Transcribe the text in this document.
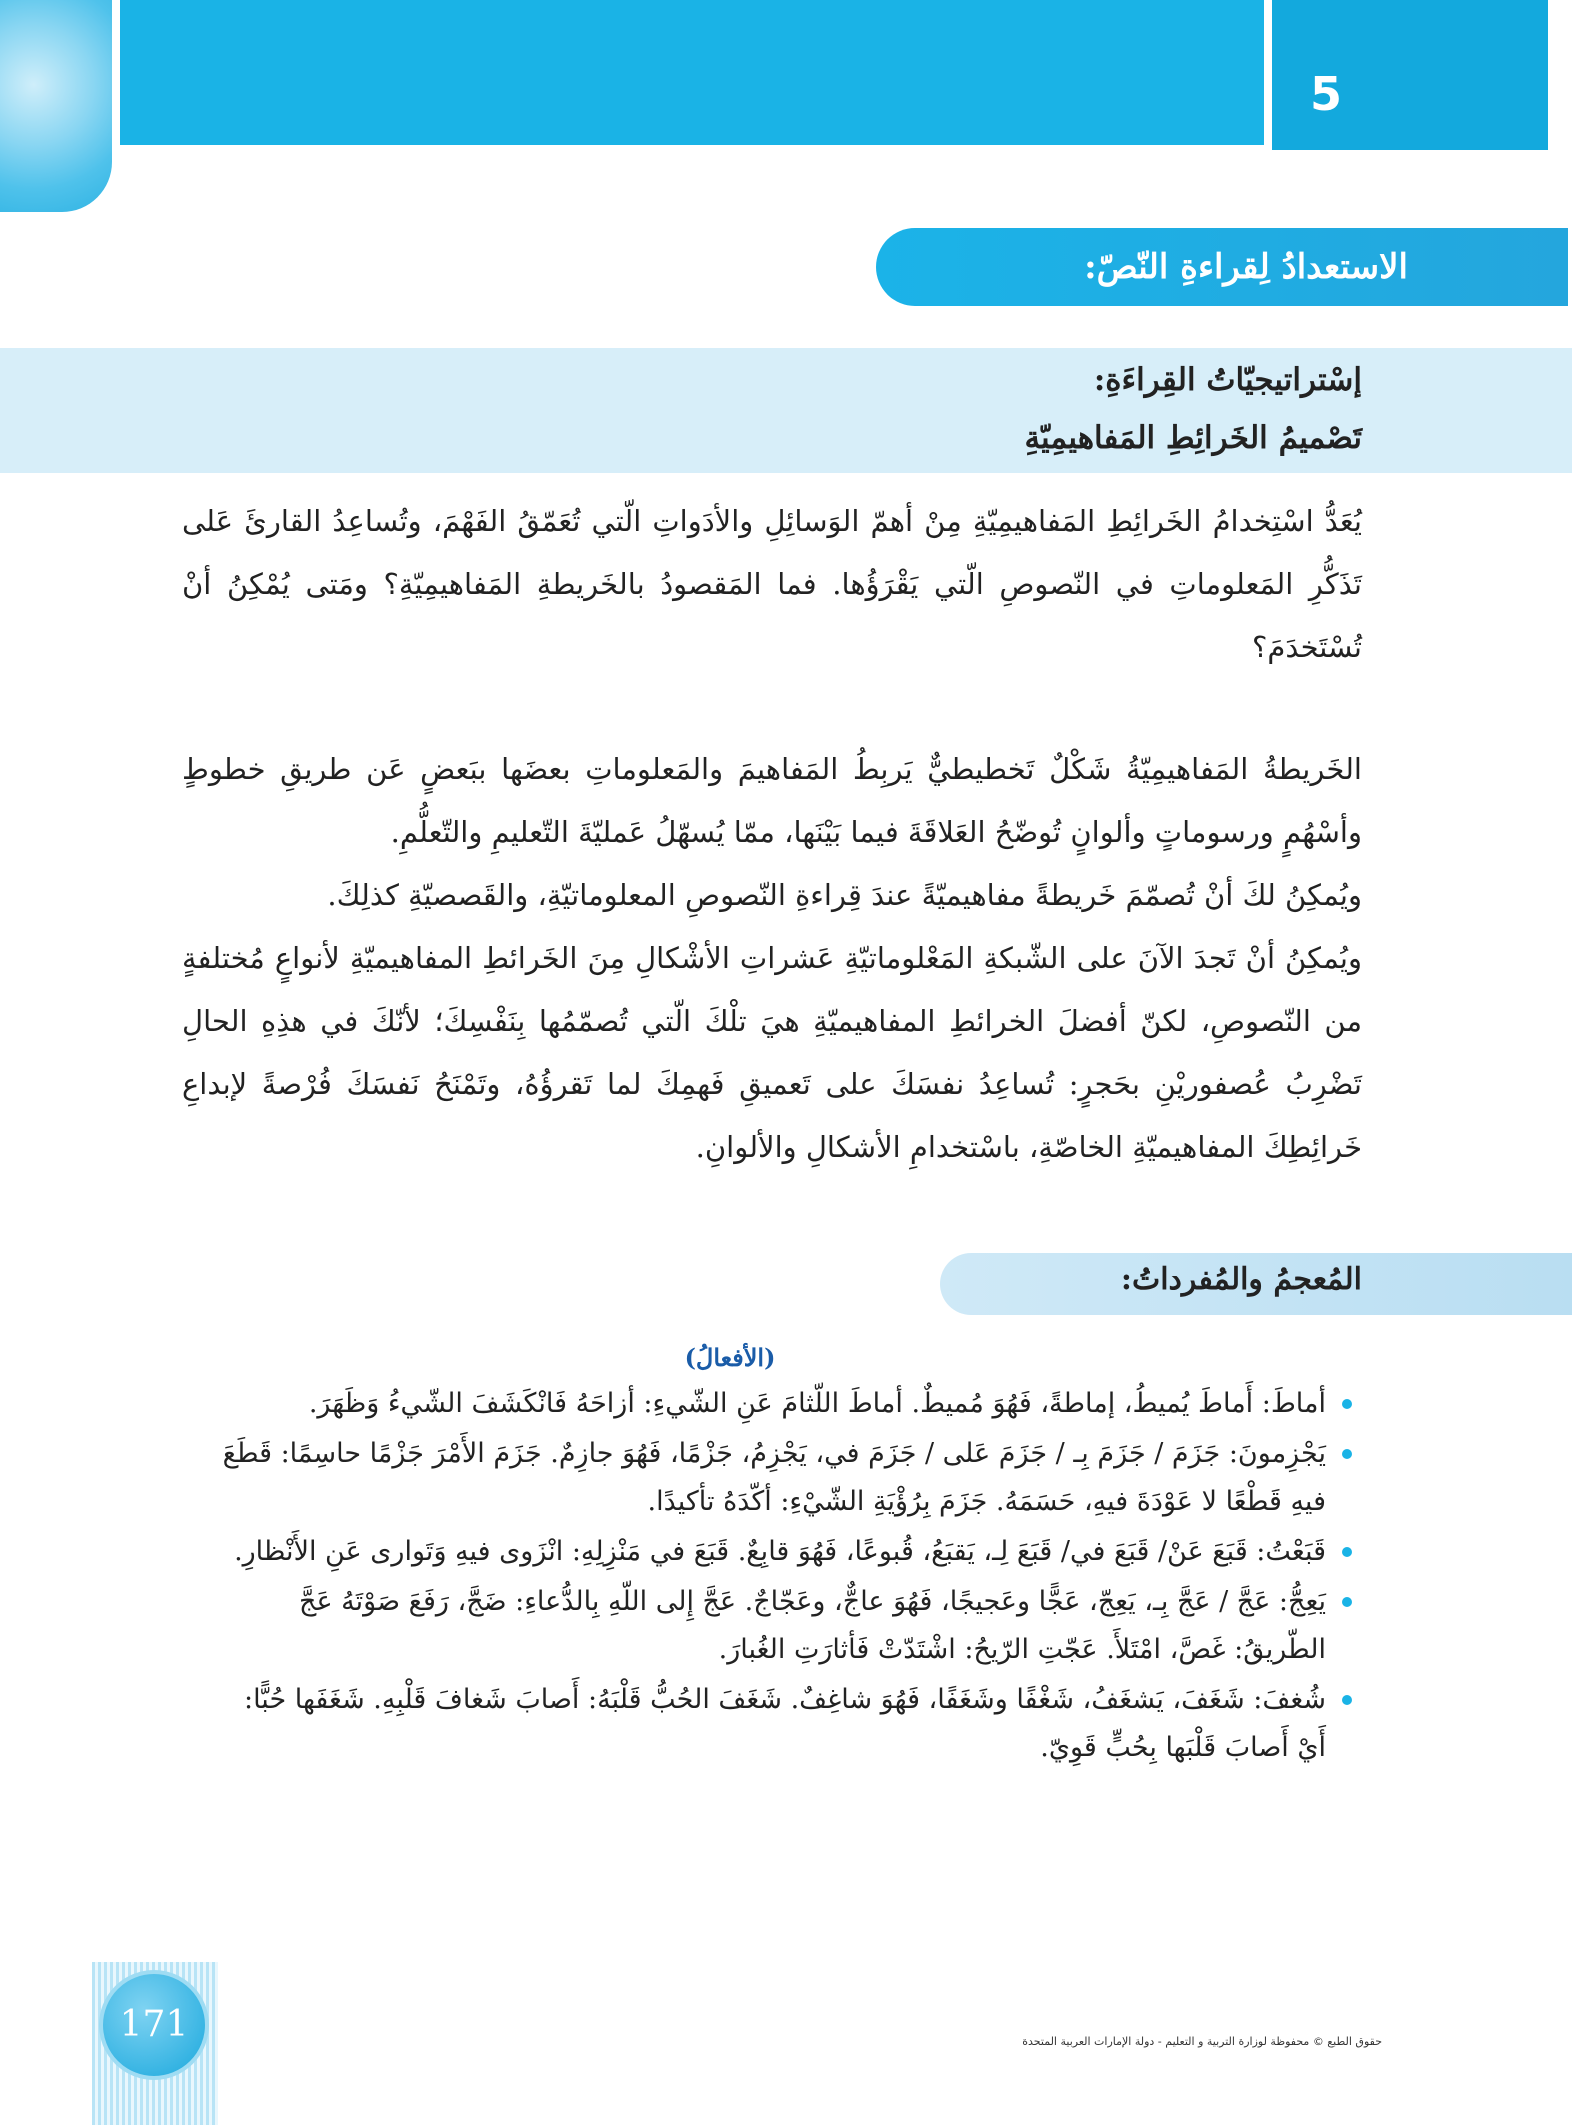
5
الاستعدادُ لِقراءةِ النّصّ:
إسْتراتيجيّاتُ القِراءَةِ:
تَصْميمُ الخَرائِطِ المَفاهيمِيّةِ
يُعَدُّ اسْتِخدامُ الخَرائِطِ المَفاهيمِيّةِ مِنْ أهمّ الوَسائِلِ والأدَواتِ الّتي تُعَمّقُ الفَهْمَ، وتُساعِدُ القارئَ عَلى تَذَكُّرِ المَعلوماتِ في النّصوصِ الّتي يَقْرَؤُها. فما المَقصودُ بالخَريطةِ المَفاهيمِيّةِ؟ ومَتى يُمْكِنُ أنْ تُسْتَخدَمَ؟
الخَريطةُ المَفاهيمِيّةُ شَكْلٌ تَخطيطيٌّ يَربِطُ المَفاهيمَ والمَعلوماتِ بعضَها ببَعضٍ عَن طريقِ خطوطٍ وأسْهُمٍ ورسوماتٍ وألوانٍ تُوضّحُ العَلاقَةَ فيما بَيْنَها، ممّا يُسهّلُ عَمليّةَ التّعليمِ والتّعلُّمِ.
ويُمكِنُ لكَ أنْ تُصمّمَ خَريطةً مفاهيميّةً عندَ قِراءةِ النّصوصِ المعلوماتيّةِ، والقَصصيّةِ كذلِكَ.
ويُمكِنُ أنْ تَجدَ الآنَ على الشّبكةِ المَعْلوماتيّةِ عَشراتِ الأشْكالِ مِنَ الخَرائطِ المفاهيميّةِ لأنواعٍ مُختلفةٍ من النّصوصِ، لكنّ أفضلَ الخرائطِ المفاهيميّةِ هيَ تلْكَ الّتي تُصمّمُها بِنَفْسِكَ؛ لأنّكَ في هذِهِ الحالِ تَضْرِبُ عُصفوريْنِ بحَجرٍ: تُساعِدُ نفسَكَ على تَعميقِ فَهمِكَ لما تَقرؤُهُ، وتَمْنَحُ نَفسَكَ فُرْصةً لإبداعِ خَرائِطِكَ المفاهيميّةِ الخاصّةِ، باسْتخدامِ الأشكالِ والألوانِ.
المُعجمُ والمُفرداتُ:
(الأفعالُ)
أماطَ: أَماطَ يُميطُ، إماطةً، فَهُوَ مُميطٌ. أماطَ اللّثامَ عَنِ الشّيءِ: أزاحَهُ فَانْكَشَفَ الشّيءُ وَظَهَرَ.
يَجْزِمونَ: جَزَمَ / جَزَمَ بِـ / جَزَمَ عَلى / جَزَمَ في، يَجْزِمُ، جَزْمًا، فَهُوَ جازِمٌ. جَزَمَ الأَمْرَ جَزْمًا حاسِمًا: قَطَعَ فيهِ قَطْعًا لا عَوْدَةَ فيهِ، حَسَمَهُ. جَزَمَ بِرُؤْيَةِ الشّيْءِ: أكّدَهُ تأكيدًا.
قَبَعْتُ: قَبَعَ عَنْ/ قَبَعَ في/ قَبَعَ لِـ، يَقبَعُ، قُبوعًا، فَهُوَ قابِعٌ. قَبَعَ في مَنْزِلِهِ: انْزَوى فيهِ وَتَوارى عَنِ الأَنْظارِ.
يَعِجُّ: عَجَّ / عَجَّ بِـ، يَعِجّ، عَجًّا وعَجيجًا، فَهُوَ عاجٌّ، وعَجّاجٌ. عَجَّ إِلى اللّهِ بِالدُّعاءِ: ضَجَّ، رَفَعَ صَوْتَهُ عَجَّ الطّريقُ: غَصَّ، امْتَلأَ. عَجّتِ الرّيحُ: اشْتَدّتْ فَأثارَتِ الغُبارَ.
شُغفَ: شَغَفَ، يَشغَفُ، شَغْفًا وشَغَفًا، فَهُوَ شاغِفٌ. شَغَفَ الحُبُّ قَلْبَهُ: أَصابَ شَغافَ قَلْبِهِ. شَغَفَها حُبًّا: أَيْ أَصابَ قَلْبَها بِحُبٍّ قَوِيّ.
171	حقوق الطبع © محفوظة لوزارة التربية و التعليم - دولة الإمارات العربية المتحدة
